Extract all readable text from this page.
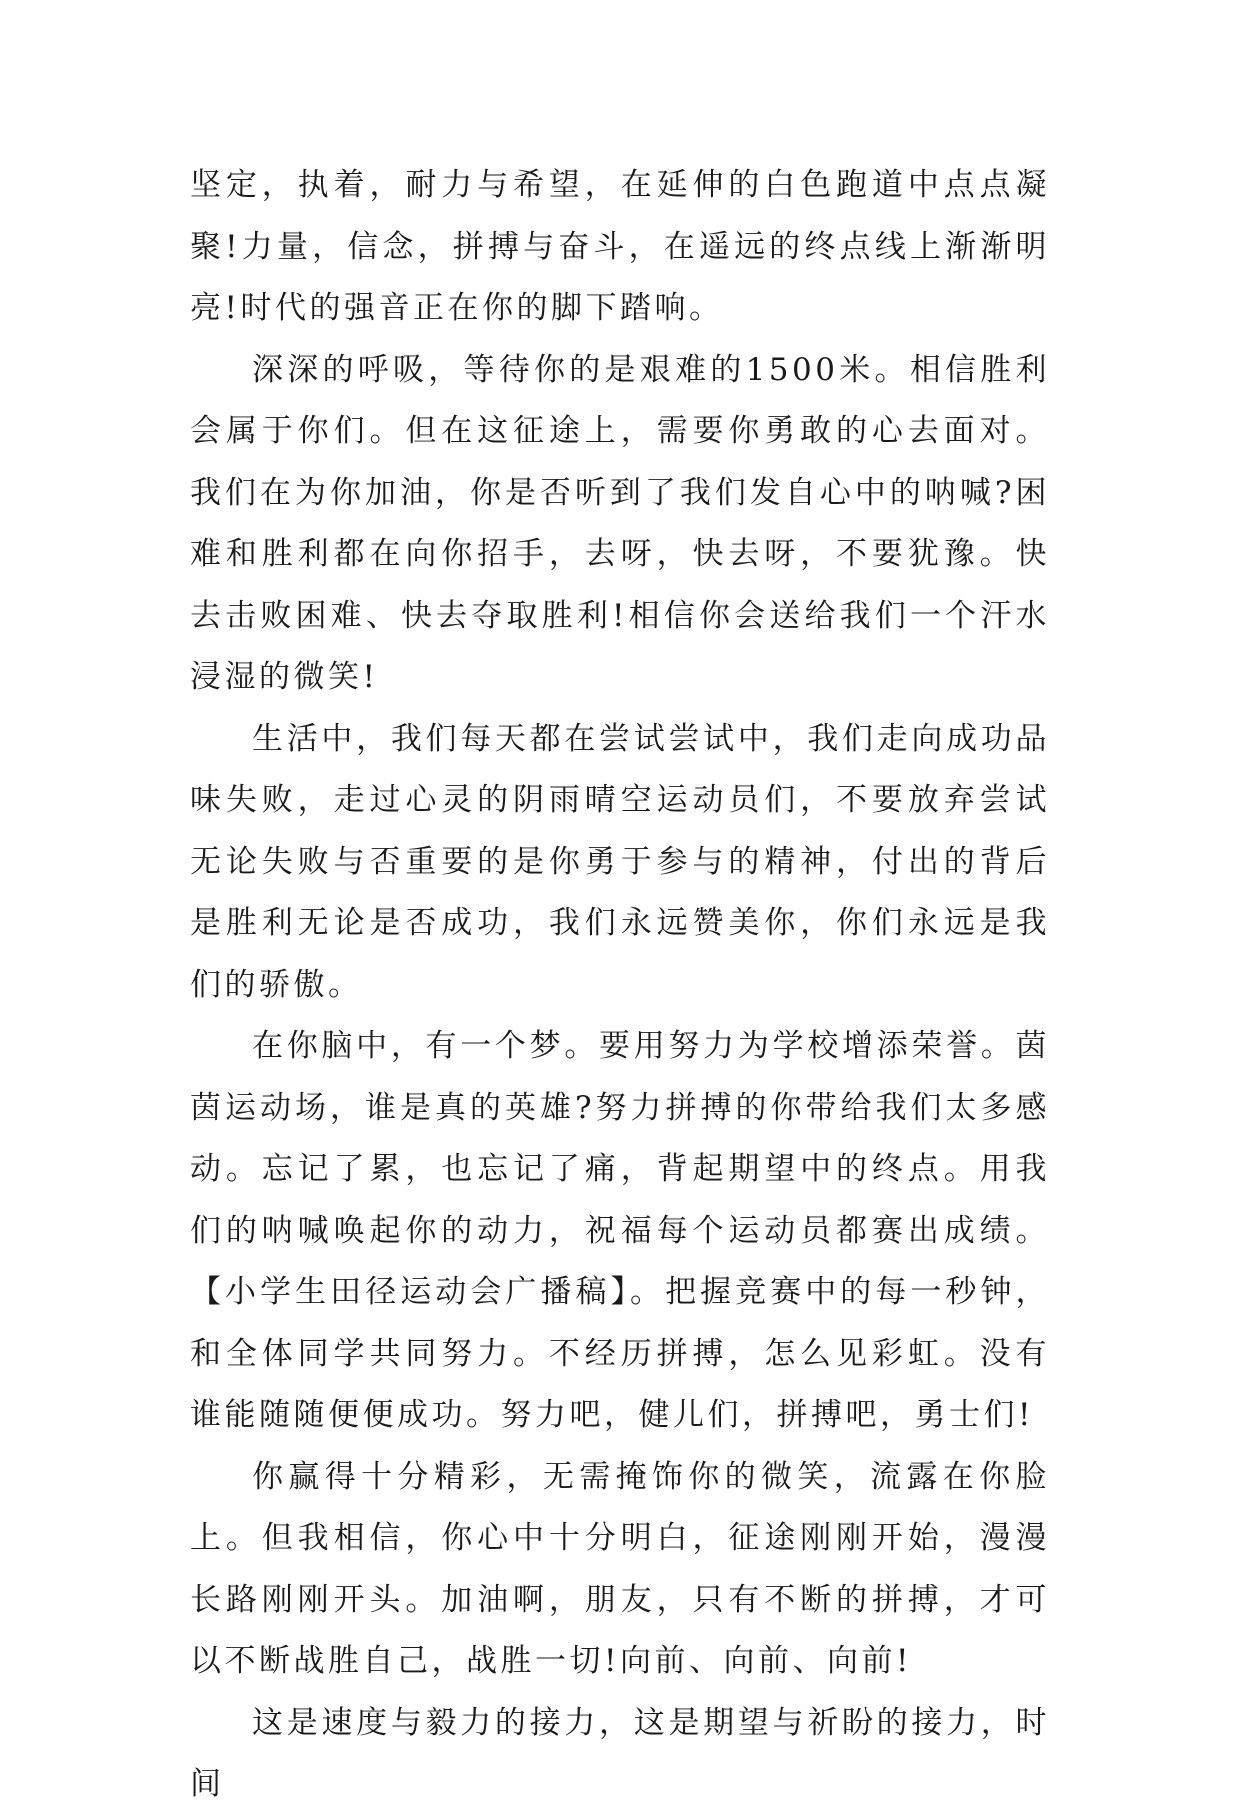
坚定，执着，耐力与希望，在延伸的白色跑道中点点凝聚!力量，信念，拼搏与奋斗，在遥远的终点线上渐渐明亮!时代的强音正在你的脚下踏响。

深深的呼吸，等待你的是艰难的1500米。相信胜利会属于你们。但在这征途上，需要你勇敢的心去面对。我们在为你加油，你是否听到了我们发自心中的呐喊?困难和胜利都在向你招手，去呀，快去呀，不要犹豫。快去击败困难、快去夺取胜利!相信你会送给我们一个汗水浸湿的微笑!

生活中，我们每天都在尝试尝试中，我们走向成功品味失败，走过心灵的阴雨晴空运动员们，不要放弃尝试无论失败与否重要的是你勇于参与的精神，付出的背后是胜利无论是否成功，我们永远赞美你，你们永远是我们的骄傲。

在你脑中，有一个梦。要用努力为学校增添荣誉。茵茵运动场，谁是真的英雄?努力拼搏的你带给我们太多感动。忘记了累，也忘记了痛，背起期望中的终点。用我们的呐喊唤起你的动力，祝福每个运动员都赛出成绩。【小学生田径运动会广播稿】。把握竞赛中的每一秒钟，和全体同学共同努力。不经历拼搏，怎么见彩虹。没有谁能随随便便成功。努力吧，健儿们，拼搏吧，勇士们!

你赢得十分精彩，无需掩饰你的微笑，流露在你脸上。但我相信，你心中十分明白，征途刚刚开始，漫漫长路刚刚开头。加油啊，朋友，只有不断的拼搏，才可以不断战胜自己，战胜一切!向前、向前、向前!

这是速度与毅力的接力，这是期望与祈盼的接力，时间
